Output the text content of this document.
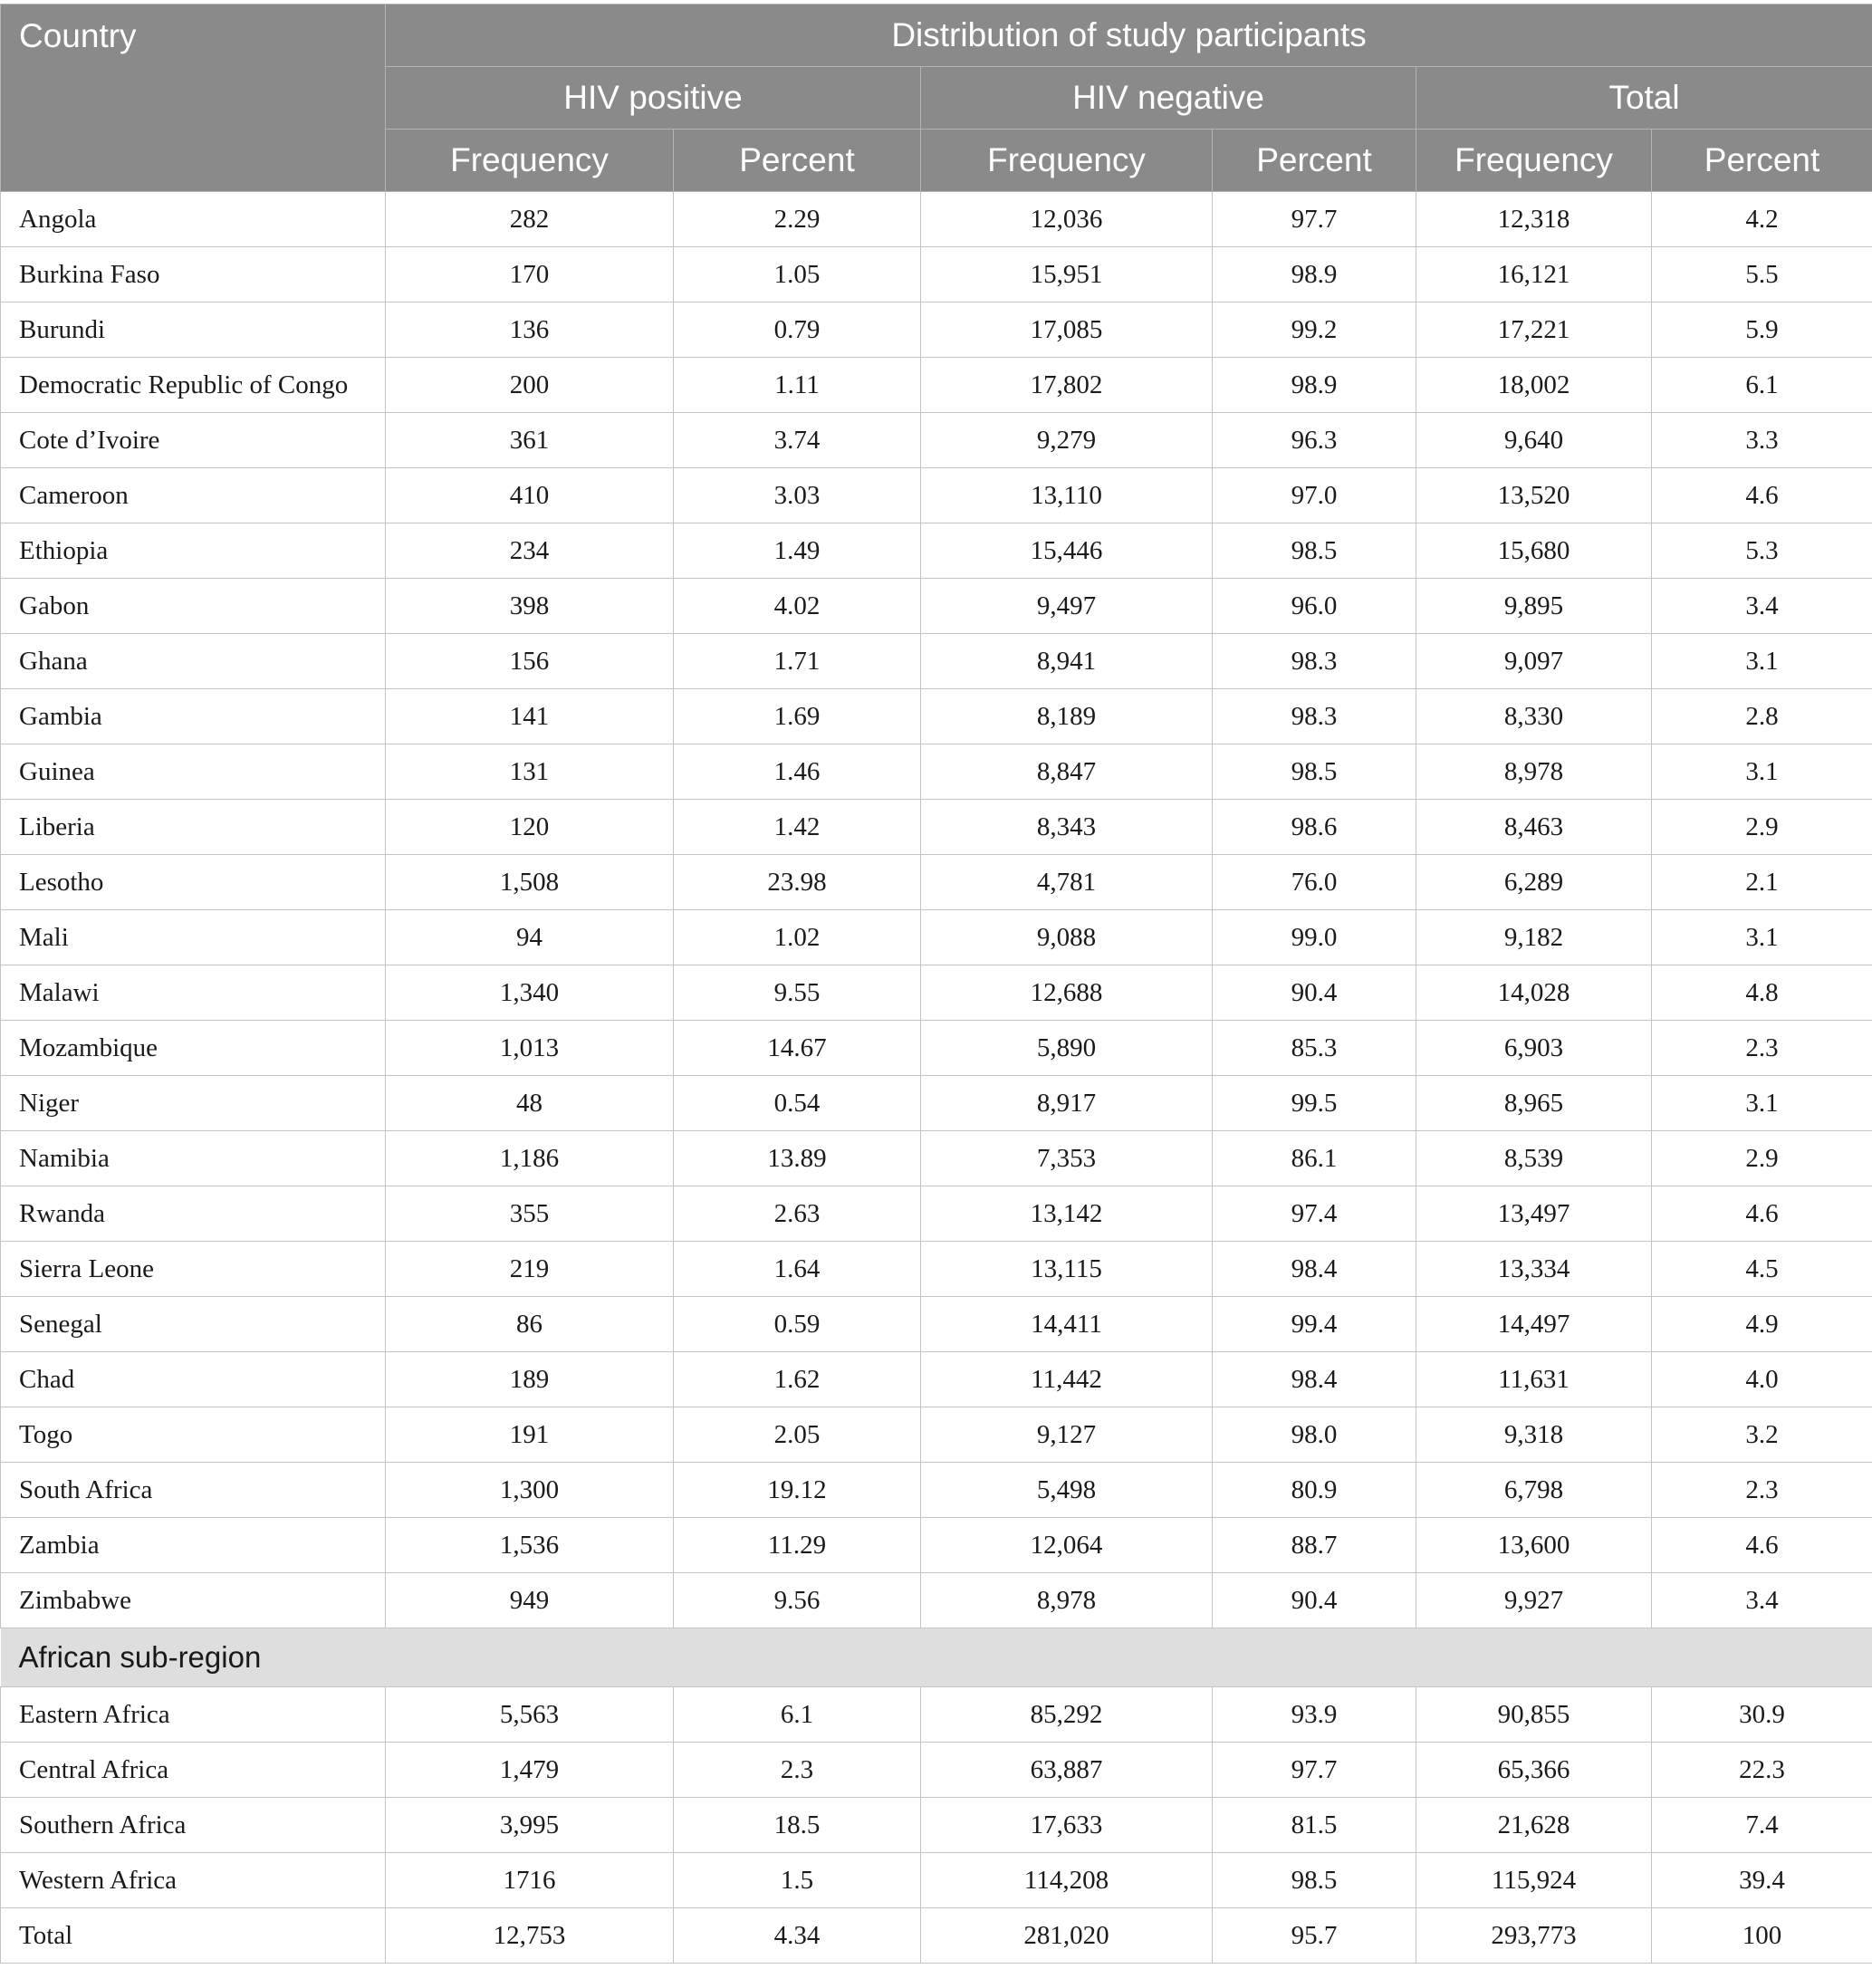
Country	Distribution of study participants					
	HIV positive		HIV negative		Total	
	Frequency	Percent	Frequency	Percent	Frequency	Percent
Angola	282	2.29	12,036	97.7	12,318	4.2
Burkina Faso	170	1.05	15,951	98.9	16,121	5.5
Burundi	136	0.79	17,085	99.2	17,221	5.9
Democratic Republic of Congo	200	1.11	17,802	98.9	18,002	6.1
Cote d’Ivoire	361	3.74	9,279	96.3	9,640	3.3
Cameroon	410	3.03	13,110	97.0	13,520	4.6
Ethiopia	234	1.49	15,446	98.5	15,680	5.3
Gabon	398	4.02	9,497	96.0	9,895	3.4
Ghana	156	1.71	8,941	98.3	9,097	3.1
Gambia	141	1.69	8,189	98.3	8,330	2.8
Guinea	131	1.46	8,847	98.5	8,978	3.1
Liberia	120	1.42	8,343	98.6	8,463	2.9
Lesotho	1,508	23.98	4,781	76.0	6,289	2.1
Mali	94	1.02	9,088	99.0	9,182	3.1
Malawi	1,340	9.55	12,688	90.4	14,028	4.8
Mozambique	1,013	14.67	5,890	85.3	6,903	2.3
Niger	48	0.54	8,917	99.5	8,965	3.1
Namibia	1,186	13.89	7,353	86.1	8,539	2.9
Rwanda	355	2.63	13,142	97.4	13,497	4.6
Sierra Leone	219	1.64	13,115	98.4	13,334	4.5
Senegal	86	0.59	14,411	99.4	14,497	4.9
Chad	189	1.62	11,442	98.4	11,631	4.0
Togo	191	2.05	9,127	98.0	9,318	3.2
South Africa	1,300	19.12	5,498	80.9	6,798	2.3
Zambia	1,536	11.29	12,064	88.7	13,600	4.6
Zimbabwe	949	9.56	8,978	90.4	9,927	3.4
African sub-region						
Eastern Africa	5,563	6.1	85,292	93.9	90,855	30.9
Central Africa	1,479	2.3	63,887	97.7	65,366	22.3
Southern Africa	3,995	18.5	17,633	81.5	21,628	7.4
Western Africa	1716	1.5	114,208	98.5	115,924	39.4
Total	12,753	4.34	281,020	95.7	293,773	100
